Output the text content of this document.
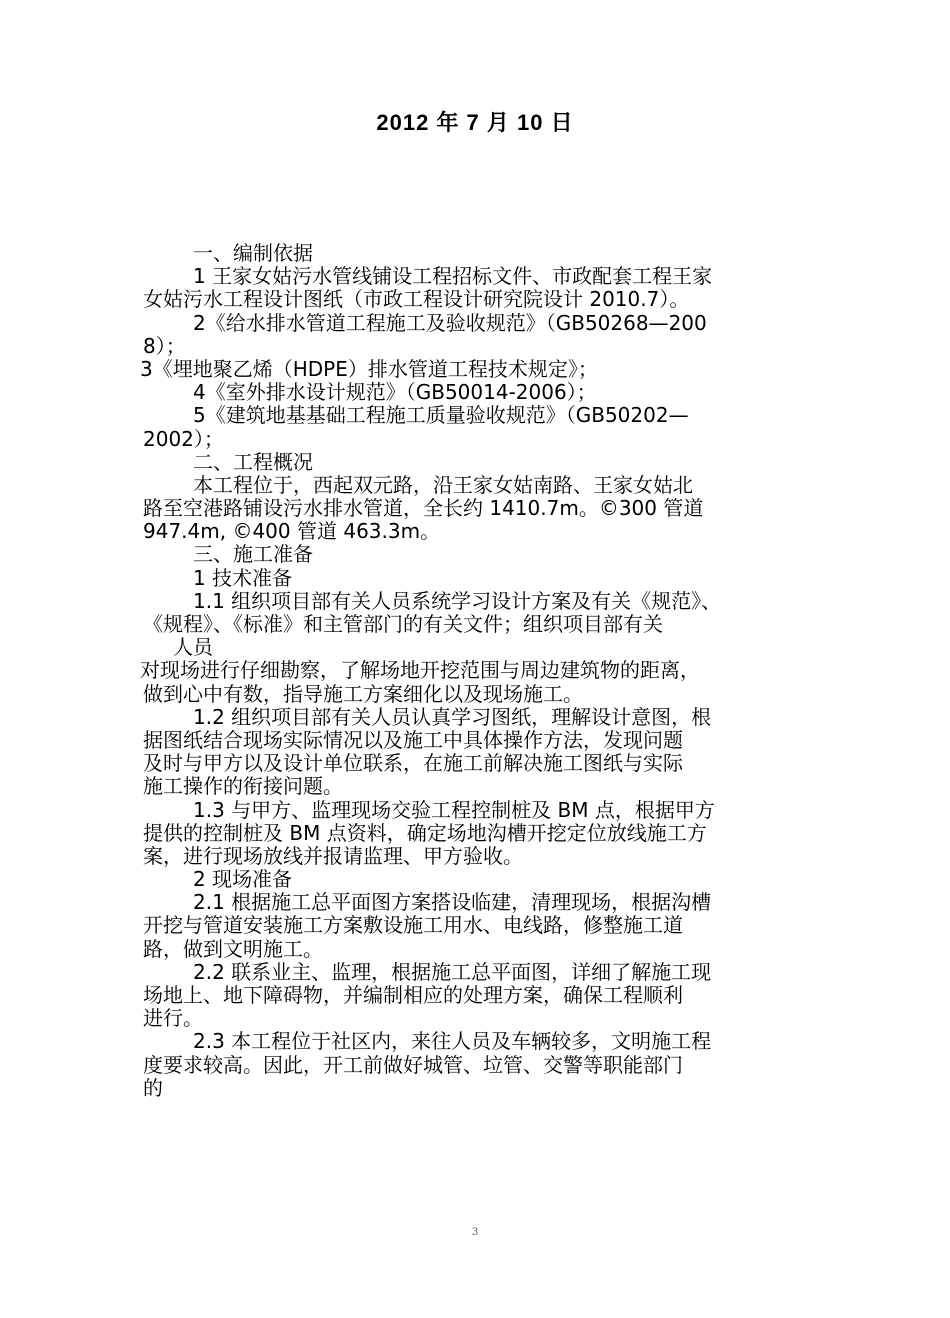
2012 年 7 月 10 日
一、编制依据
1 王家女姑污水管线铺设工程招标文件、市政配套工程王家
女姑污水工程设计图纸（市政工程设计研究院设计 2010.7）。
2《给水排水管道工程施工及验收规范》（GB50268—200
8）；
3《埋地聚乙烯（HDPE）排水管道工程技术规定》；
4《室外排水设计规范》（GB50014-2006）；
5《建筑地基基础工程施工质量验收规范》（GB50202—
2002）；
二、工程概况
本工程位于，西起双元路，沿王家女姑南路、王家女姑北
路至空港路铺设污水排水管道，全长约 1410.7m。©300 管道
947.4m, ©400 管道 463.3m。
三、施工准备
1 技术准备
1.1 组织项目部有关人员系统学习设计方案及有关《规范》、
《规程》、《标准》和主管部门的有关文件；组织项目部有关
人员
对现场进行仔细勘察，了解场地开挖范围与周边建筑物的距离，
做到心中有数，指导施工方案细化以及现场施工。
1.2 组织项目部有关人员认真学习图纸，理解设计意图，根
据图纸结合现场实际情况以及施工中具体操作方法，发现问题
及时与甲方以及设计单位联系，在施工前解决施工图纸与实际
施工操作的衔接问题。
1.3 与甲方、监理现场交验工程控制桩及 BM 点，根据甲方
提供的控制桩及 BM 点资料，确定场地沟槽开挖定位放线施工方
案，进行现场放线并报请监理、甲方验收。
2 现场准备
2.1 根据施工总平面图方案搭设临建，清理现场，根据沟槽
开挖与管道安装施工方案敷设施工用水、电线路，修整施工道
路，做到文明施工。
2.2 联系业主、监理，根据施工总平面图，详细了解施工现
场地上、地下障碍物，并编制相应的处理方案，确保工程顺利
进行。
2.3 本工程位于社区内，来往人员及车辆较多，文明施工程
度要求较高。因此，开工前做好城管、垃管、交警等职能部门
的
3
